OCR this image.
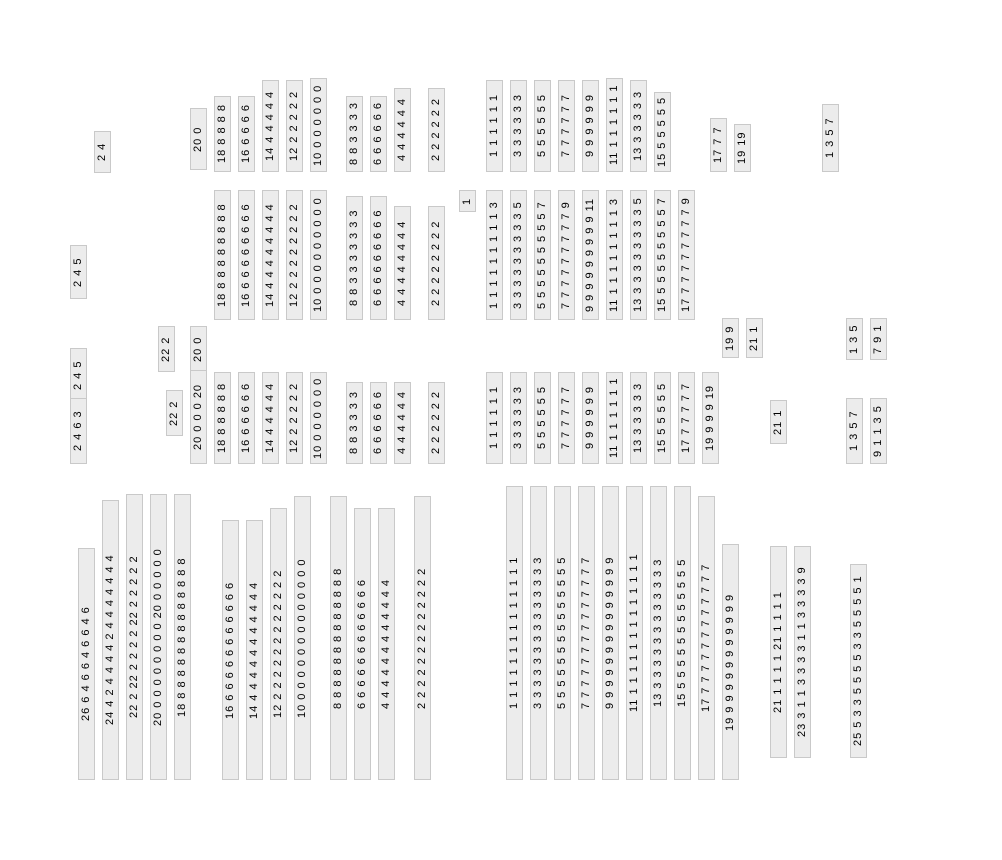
2 4
20 0 18 8 8 8 8 16 6 6 6 6 14 4 4 4 4 4 12 2 2 2 2 2 10 0 0 0 0 0 0 8 8 3 3 3 3 6 6 6 6 6 6 4 4 4 4 4 4 2 2 2 2 2 2	1 1 1 1 1 1 3 3 3 3 3 3 5 5 5 5 5 5 7 7 7 7 7 7 9 9 9 9 9 9 11 1 1 1 1 1 1 13 3 3 3 3 3 15 5 5 5 5 5	17 7 7 19 19	1 3 5 7
2 4 5
1
18 8 8 8 8 8 8 8 8 16 6 6 6 6 6 6 6 6 14 4 4 4 4 4 4 4 4 12 2 2 2 2 2 2 2 2 10 0 0 0 0 0 0 0 0 0 8 8 3 3 3 3 3 3 3 6 6 6 6 6 6 6 6 6 4 4 4 4 4 4 4 4 2 2 2 2 2 2 2 2	1 1 1 1 1 1 1 1 1 3 3 3 3 3 3 3 3 3 3 5 5 5 5 5 5 5 5 5 5 7 7 7 7 7 7 7 7 7 7 9 9 9 9 9 9 9 9 9 9 11 11 1 1 1 1 1 1 1 1 3 13 3 3 3 3 3 3 3 3 5 15 5 5 5 5 5 5 5 5 7 17 7 7 7 7 7 7 7 7 9
19 9 21 1	1 3 5 7 9 1
2 4 5
22 2 20 0
2 4 6 3	22 2 20 0 0 0 20 18 8 8 8 8 8 16 6 6 6 6 6 14 4 4 4 4 4 12 2 2 2 2 2 10 0 0 0 0 0 0 8 8 3 3 3 3 6 6 6 6 6 6 4 4 4 4 4 4 2 2 2 2 2 2	1 1 1 1 1 1 3 3 3 3 3 3 5 5 5 5 5 5 7 7 7 7 7 7 9 9 9 9 9 9 11 1 1 1 1 1 1 13 3 3 3 3 3 15 5 5 5 5 5 17 7 7 7 7 7 19 9 9 9 19	21 1	1 3 5 7 9 1 1 3 5
26 6 4 6 6 4 6 6 4 6 24 4 2 4 4 4 4 2 4 4 4 4 4 4 4 22 2 22 2 2 2 2 22 2 2 2 2 2 20 0 0 0 0 0 0 0 0 20 0 0 0 0 0 18 8 8 8 8 8 8 8 8 8 8 8 8 8	16 6 6 6 6 6 6 6 6 6 6 6 14 4 4 4 4 4 4 4 4 4 4 4 12 2 2 2 2 2 2 2 2 2 2 2 2 10 0 0 0 0 0 0 0 0 0 0 0 0 0 8 8 8 8 8 8 8 8 8 8 8 8 8 6 6 6 6 6 6 6 6 6 6 6 6 4 4 4 4 4 4 4 4 4 4 4 4 2 2 2 2 2 2 2 2 2 2 2 2 2	1 1 1 1 1 1 1 1 1 1 1 1 1 1 3 3 3 3 3 3 3 3 3 3 3 3 3 3 5 5 5 5 5 5 5 5 5 5 5 5 5 5 7 7 7 7 7 7 7 7 7 7 7 7 7 7 9 9 9 9 9 9 9 9 9 9 9 9 9 9 11 1 1 1 1 1 1 1 1 1 1 1 1 1 13 3 3 3 3 3 3 3 3 3 3 3 3 15 5 5 5 5 5 5 5 5 5 5 5 5 17 7 7 7 7 7 7 7 7 7 7 7 7 19 9 9 9 9 9 9 9 9 9 9 9	21 1 1 1 1 21 1 1 1 1 23 3 1 1 3 3 3 3 1 1 3 3 3 3 9	25 5 3 3 5 5 5 5 3 3 5 5 5 5 1
